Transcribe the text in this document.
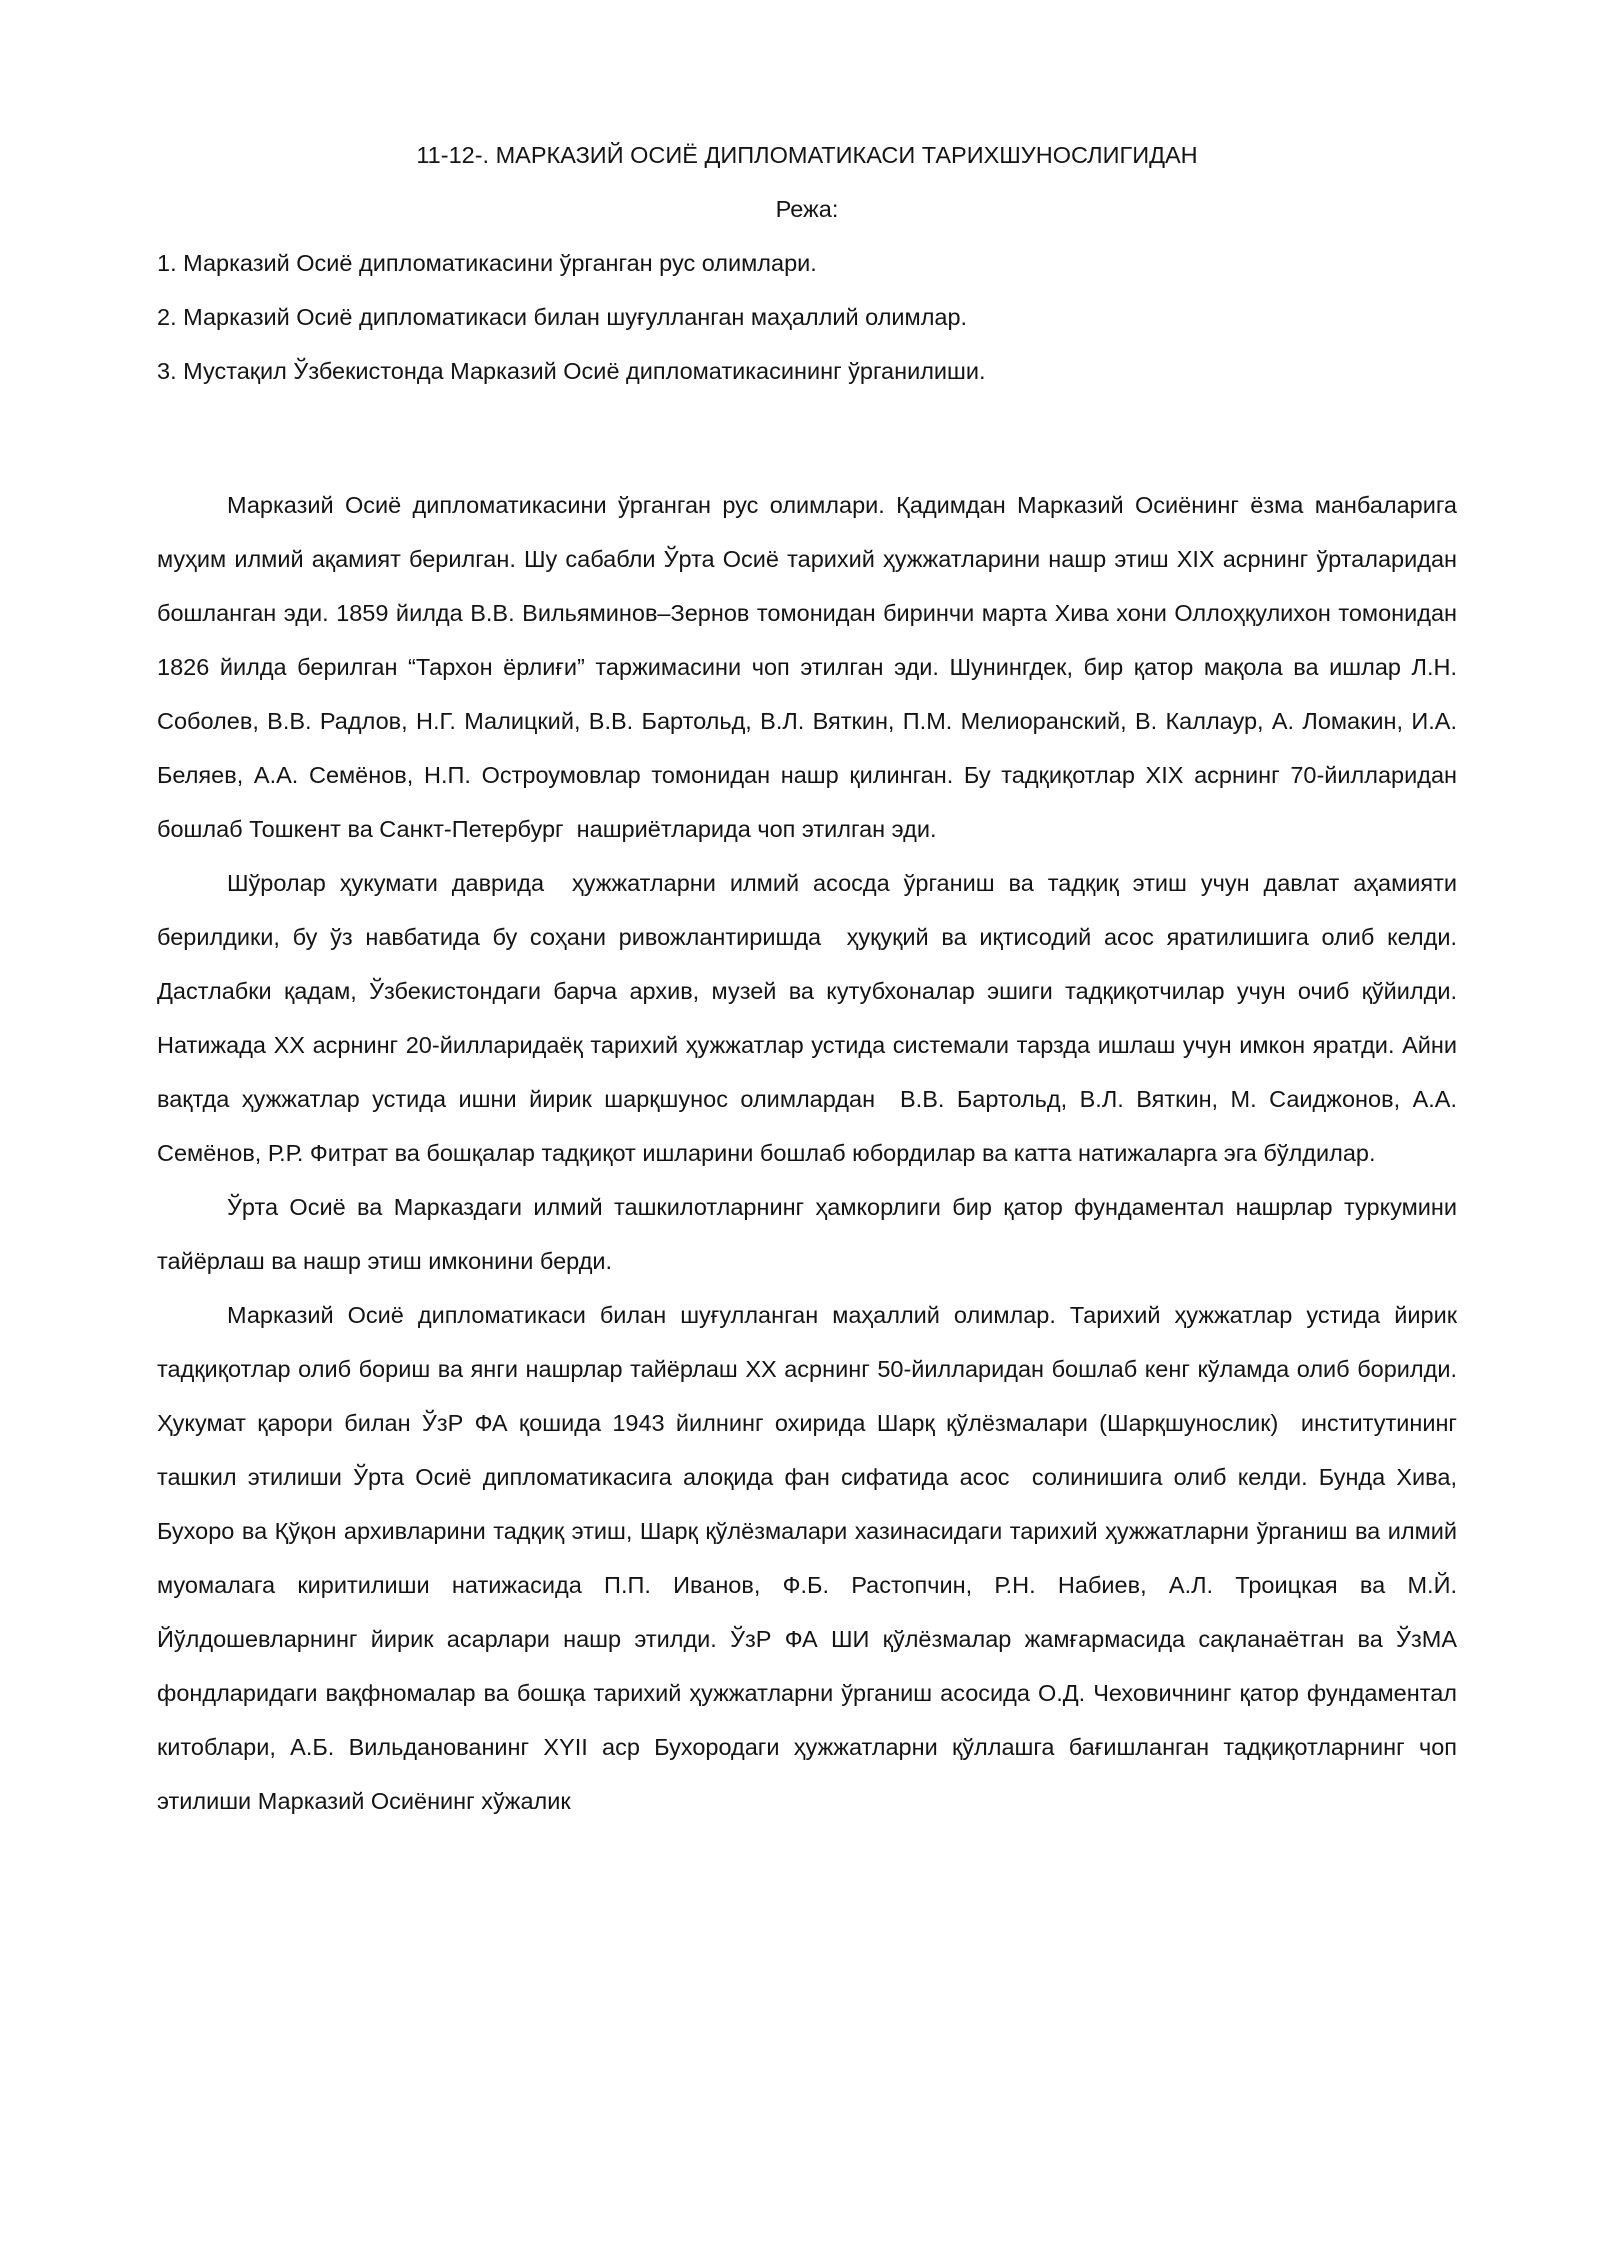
11-12-. МАРКАЗИЙ ОСИЁ ДИПЛОМАТИКАСИ ТАРИХШУНОСЛИГИДАН
Режа:

1. Марказий Осиё дипломатикасини ўрганган рус олимлари.

2. Марказий Осиё дипломатикаси билан шуғулланган маҳаллий олимлар.

3. Мустақил Ўзбекистонда Марказий Осиё дипломатикасининг ўрганилиши.

Марказий Осиё дипломатикасини ўрганган рус олимлари. Қадимдан Марказий Осиёнинг ёзма манбаларига муҳим илмий ақамият берилган. Шу сабабли Ўрта Осиё тарихий ҳужжатларини нашр этиш XIX асрнинг ўрталаридан бошланган эди. 1859 йилда В.В. Вильяминов–Зернов томонидан биринчи марта Хива хони Оллоҳқулихон томонидан 1826 йилда берилган “Тархон ёрлиғи” таржимасини чоп этилган эди. Шунингдек, бир қатор мақола ва ишлар Л.Н. Соболев, В.В. Радлов, Н.Г. Малицкий, В.В. Бартольд, В.Л. Вяткин, П.М. Мелиоранский, В. Каллаур, А. Ломакин, И.А. Беляев, А.А. Семёнов, Н.П. Остроумовлар томонидан нашр қилинган. Бу тадқиқотлар XIX асрнинг 70-йилларидан бошлаб Тошкент ва Санкт-Петербург  нашриётларида чоп этилган эди.

Шўролар ҳукумати даврида  ҳужжатларни илмий асосда ўрганиш ва тадқиқ этиш учун давлат аҳамияти берилдики, бу ўз навбатида бу соҳани ривожлантиришда  ҳуқуқий ва иқтисодий асос яратилишига олиб келди. Дастлабки қадам, Ўзбекистондаги барча архив, музей ва кутубхоналар эшиги тадқиқотчилар учун очиб қўйилди. Натижада XX асрнинг 20-йилларидаёқ тарихий ҳужжатлар устида системали тарзда ишлаш учун имкон яратди. Айни вақтда ҳужжатлар устида ишни йирик шарқшунос олимлардан  В.В. Бартольд, В.Л. Вяткин, М. Саиджонов, А.А. Семёнов, Р.Р. Фитрат ва бошқалар тадқиқот ишларини бошлаб юбордилар ва катта натижаларга эга бўлдилар.

Ўрта Осиё ва Марказдаги илмий ташкилотларнинг ҳамкорлиги бир қатор фундаментал нашрлар туркумини тайёрлаш ва нашр этиш имконини берди.

Марказий Осиё дипломатикаси билан шуғулланган маҳаллий олимлар. Тарихий ҳужжатлар устида йирик тадқиқотлар олиб бориш ва янги нашрлар тайёрлаш XX асрнинг 50-йилларидан бошлаб кенг кўламда олиб борилди. Ҳукумат қарори билан ЎзР ФА қошида 1943 йилнинг охирида Шарқ қўлёзмалари (Шарқшунослик)  институтининг ташкил этилиши Ўрта Осиё дипломатикасига алоқида фан сифатида асос  солинишига олиб келди. Бунда Хива, Бухоро ва Қўқон архивларини тадқиқ этиш, Шарқ қўлёзмалари хазинасидаги тарихий ҳужжатларни ўрганиш ва илмий муомалага киритилиши натижасида П.П. Иванов, Ф.Б. Растопчин, Р.Н. Набиев, А.Л. Троицкая ва М.Й. Йўлдошевларнинг йирик асарлари нашр этилди. ЎзР ФА ШИ қўлёзмалар жамғармасида сақланаётган ва ЎзМА фондларидаги вақфномалар ва бошқа тарихий ҳужжатларни ўрганиш асосида О.Д. Чеховичнинг қатор фундаментал китоблари, А.Б. Вильданованинг ХYII аср Бухородаги ҳужжатларни қўллашга бағишланган тадқиқотларнинг чоп этилиши Марказий Осиёнинг хўжалик
